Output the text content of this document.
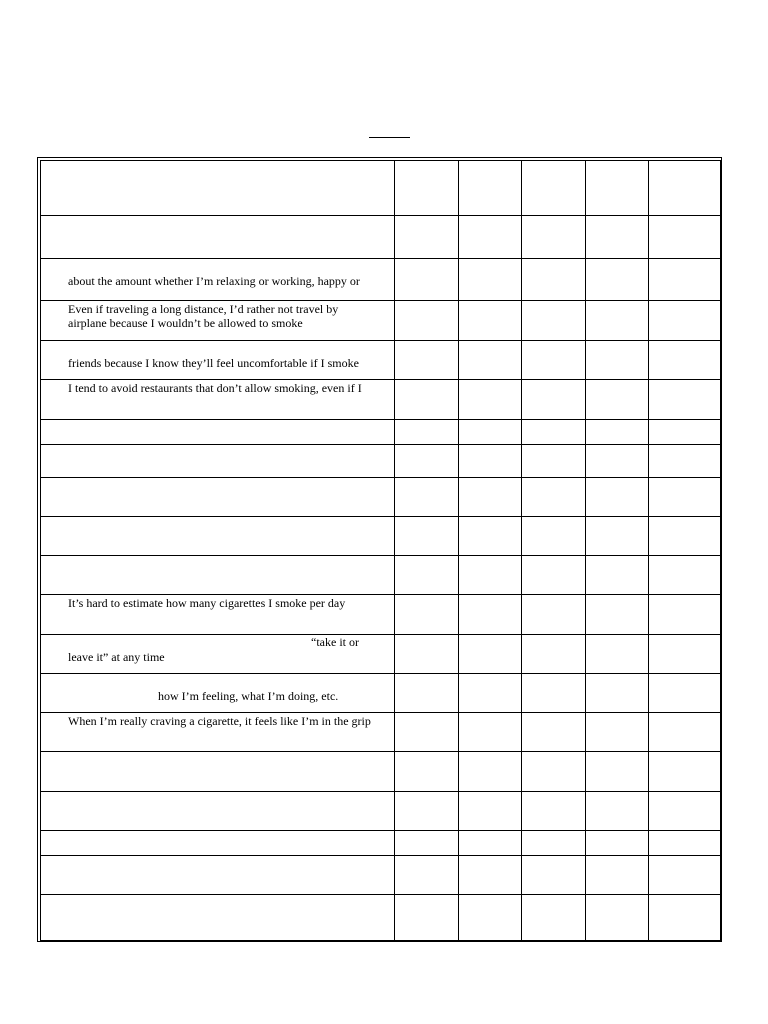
about the amount whether I’m relaxing or working, happy or
Even if traveling a long distance, I’d rather not travel by
airplane because I wouldn’t be allowed to smoke
friends because I know they’ll feel uncomfortable if I smoke
I tend to avoid restaurants that don’t allow smoking, even if I
It’s hard to estimate how many cigarettes I smoke per day
“take it or
leave it” at any time
how I’m feeling, what I’m doing, etc.
When I’m really craving a cigarette, it feels like I’m in the grip
